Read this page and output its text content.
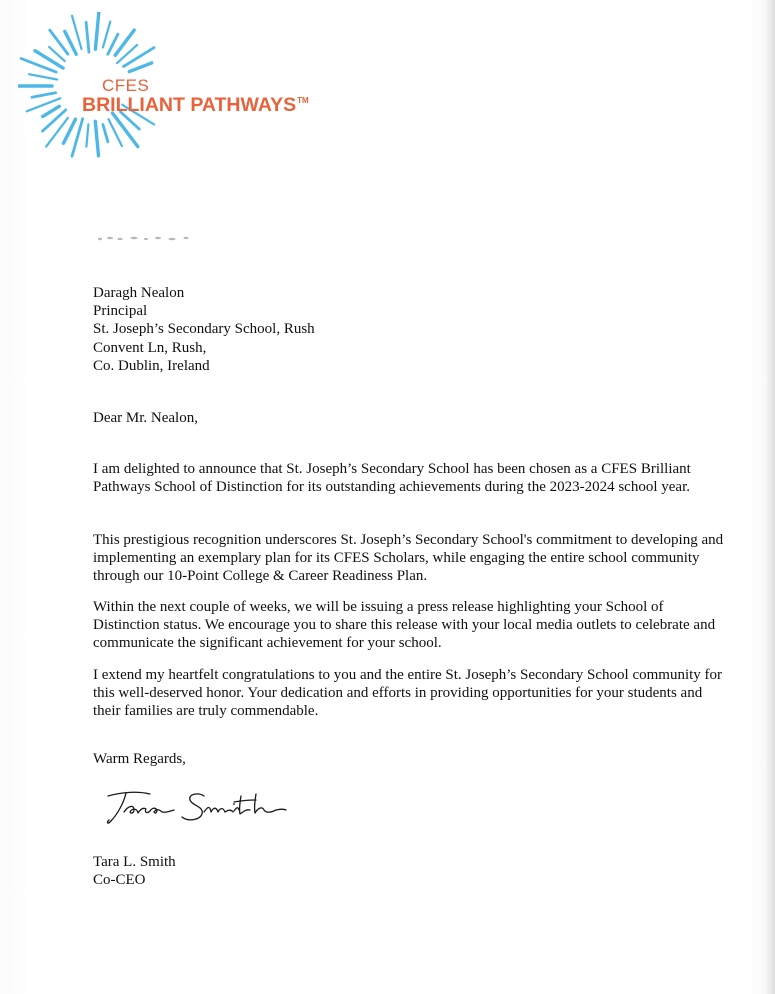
CFES
BRILLIANT PATHWAYS™
Daragh Nealon
Principal
St. Joseph’s Secondary School, Rush
Convent Ln, Rush,
Co. Dublin, Ireland
Dear Mr. Nealon,
I am delighted to announce that St. Joseph’s Secondary School has been chosen as a CFES Brilliant Pathways School of Distinction for its outstanding achievements during the 2023-2024 school year.
This prestigious recognition underscores St. Joseph’s Secondary School's commitment to developing and implementing an exemplary plan for its CFES Scholars, while engaging the entire school community through our 10-Point College & Career Readiness Plan.
Within the next couple of weeks, we will be issuing a press release highlighting your School of Distinction status. We encourage you to share this release with your local media outlets to celebrate and communicate the significant achievement for your school.
I extend my heartfelt congratulations to you and the entire St. Joseph’s Secondary School community for this well-deserved honor. Your dedication and efforts in providing opportunities for your students and their families are truly commendable.
Warm Regards,
Tara L. Smith
Co-CEO
